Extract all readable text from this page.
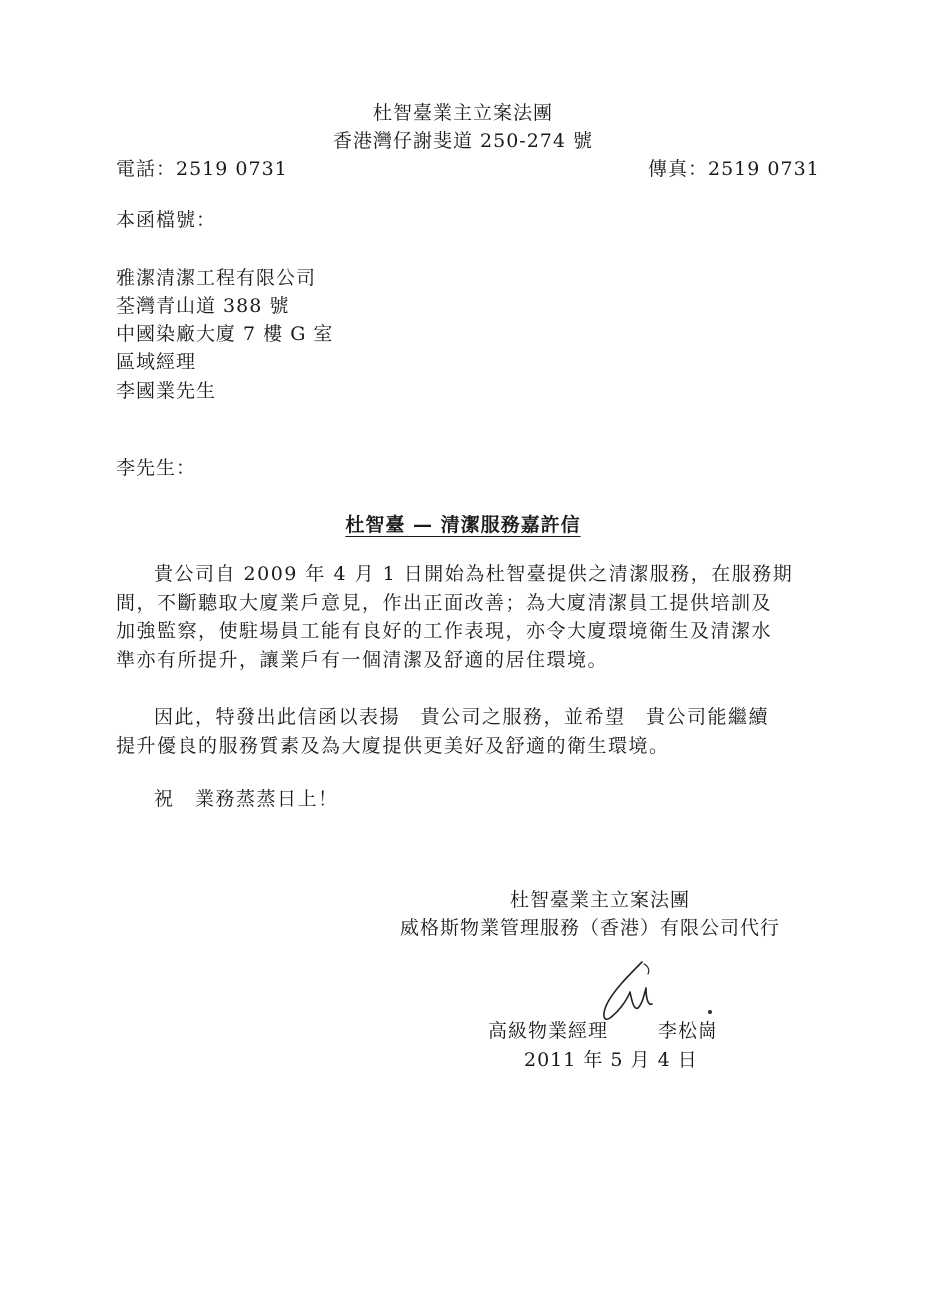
杜智臺業主立案法團
香港灣仔謝斐道 250-274 號
電話：2519 0731	傳真：2519 0731
本函檔號：
雅潔清潔工程有限公司
荃灣青山道 388 號
中國染廠大廈 7 樓 G 室
區域經理
李國業先生
李先生：
杜智臺 — 清潔服務嘉許信
貴公司自 2009 年 4 月 1 日開始為杜智臺提供之清潔服務，在服務期
間，不斷聽取大廈業戶意見，作出正面改善；為大廈清潔員工提供培訓及
加強監察，使駐場員工能有良好的工作表現，亦令大廈環境衛生及清潔水
準亦有所提升，讓業戶有一個清潔及舒適的居住環境。
因此，特發出此信函以表揚　貴公司之服務，並希望　貴公司能繼續
提升優良的服務質素及為大廈提供更美好及舒適的衛生環境。
祝　業務蒸蒸日上！
杜智臺業主立案法團
威格斯物業管理服務（香港）有限公司代行
高級物業經理	李松崗
2011 年 5 月 4 日
